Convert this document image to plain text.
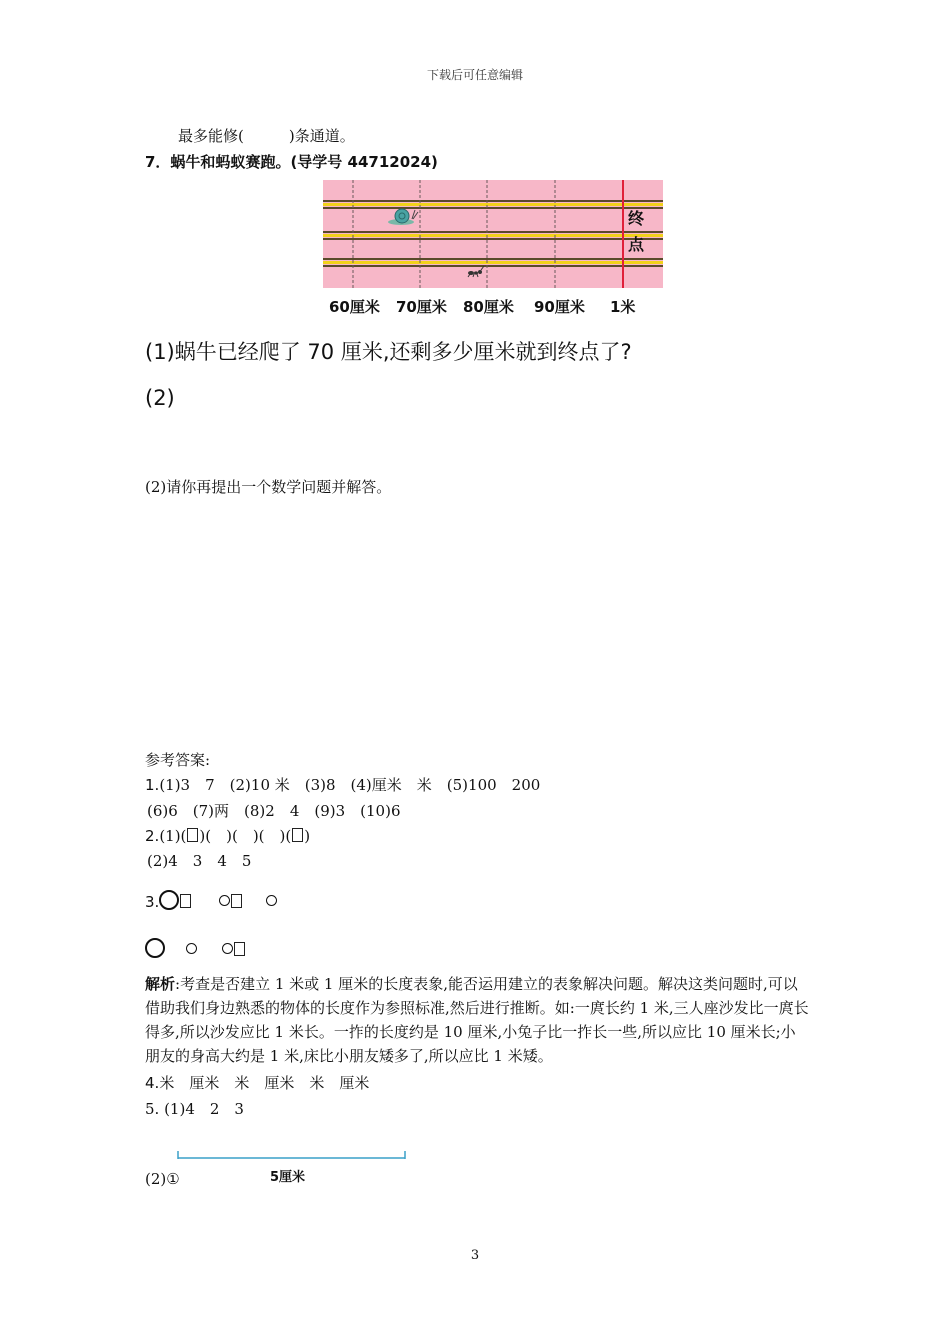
下载后可任意编辑
最多能修(　　　)条通道。
7．蜗牛和蚂蚁赛跑。(导学号 44712024)
终
点
60厘米 70厘米 80厘米 90厘米 1米
(1)蜗牛已经爬了 70 厘米,还剩多少厘米就到终点了?
(2)
(2)请你再提出一个数学问题并解答。
参考答案:
1.(1)3　7　(2)10 米　(3)8　(4)厘米　米　(5)100　200
(6)6　(7)两　(8)2　4　(9)3　(10)6
2.(1)( )(　)(　)(　)( )
(2)4　3　4　5
3.

解析:考查是否建立 1 米或 1 厘米的长度表象,能否运用建立的表象解决问题。解决这类问题时,可以借助我们身边熟悉的物体的长度作为参照标准,然后进行推断。如:一庹长约 1 米,三人座沙发比一庹长得多,所以沙发应比 1 米长。一拃的长度约是 10 厘米,小兔子比一拃长一些,所以应比 10 厘米长;小朋友的身高大约是 1 米,床比小朋友矮多了,所以应比 1 米矮。
4.米　厘米　米　厘米　米　厘米
5. (1)4　2　3
5厘米
(2)①
3
